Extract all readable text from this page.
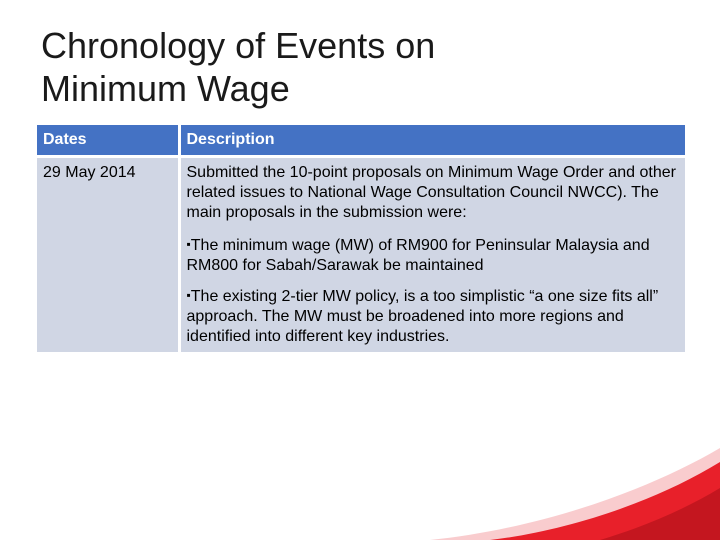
Chronology of Events on
Minimum Wage
Dates	Description
29 May 2014	Submitted the 10-point proposals on Minimum Wage Order and other related issues to National Wage Consultation Council NWCC). The main proposals in the submission were:
▪The minimum wage (MW) of RM900 for Peninsular Malaysia and RM800 for Sabah/Sarawak be maintained
▪The existing 2-tier MW policy, is a too simplistic “a one size fits all” approach. The MW must be broadened into more regions and identified into different key industries.
